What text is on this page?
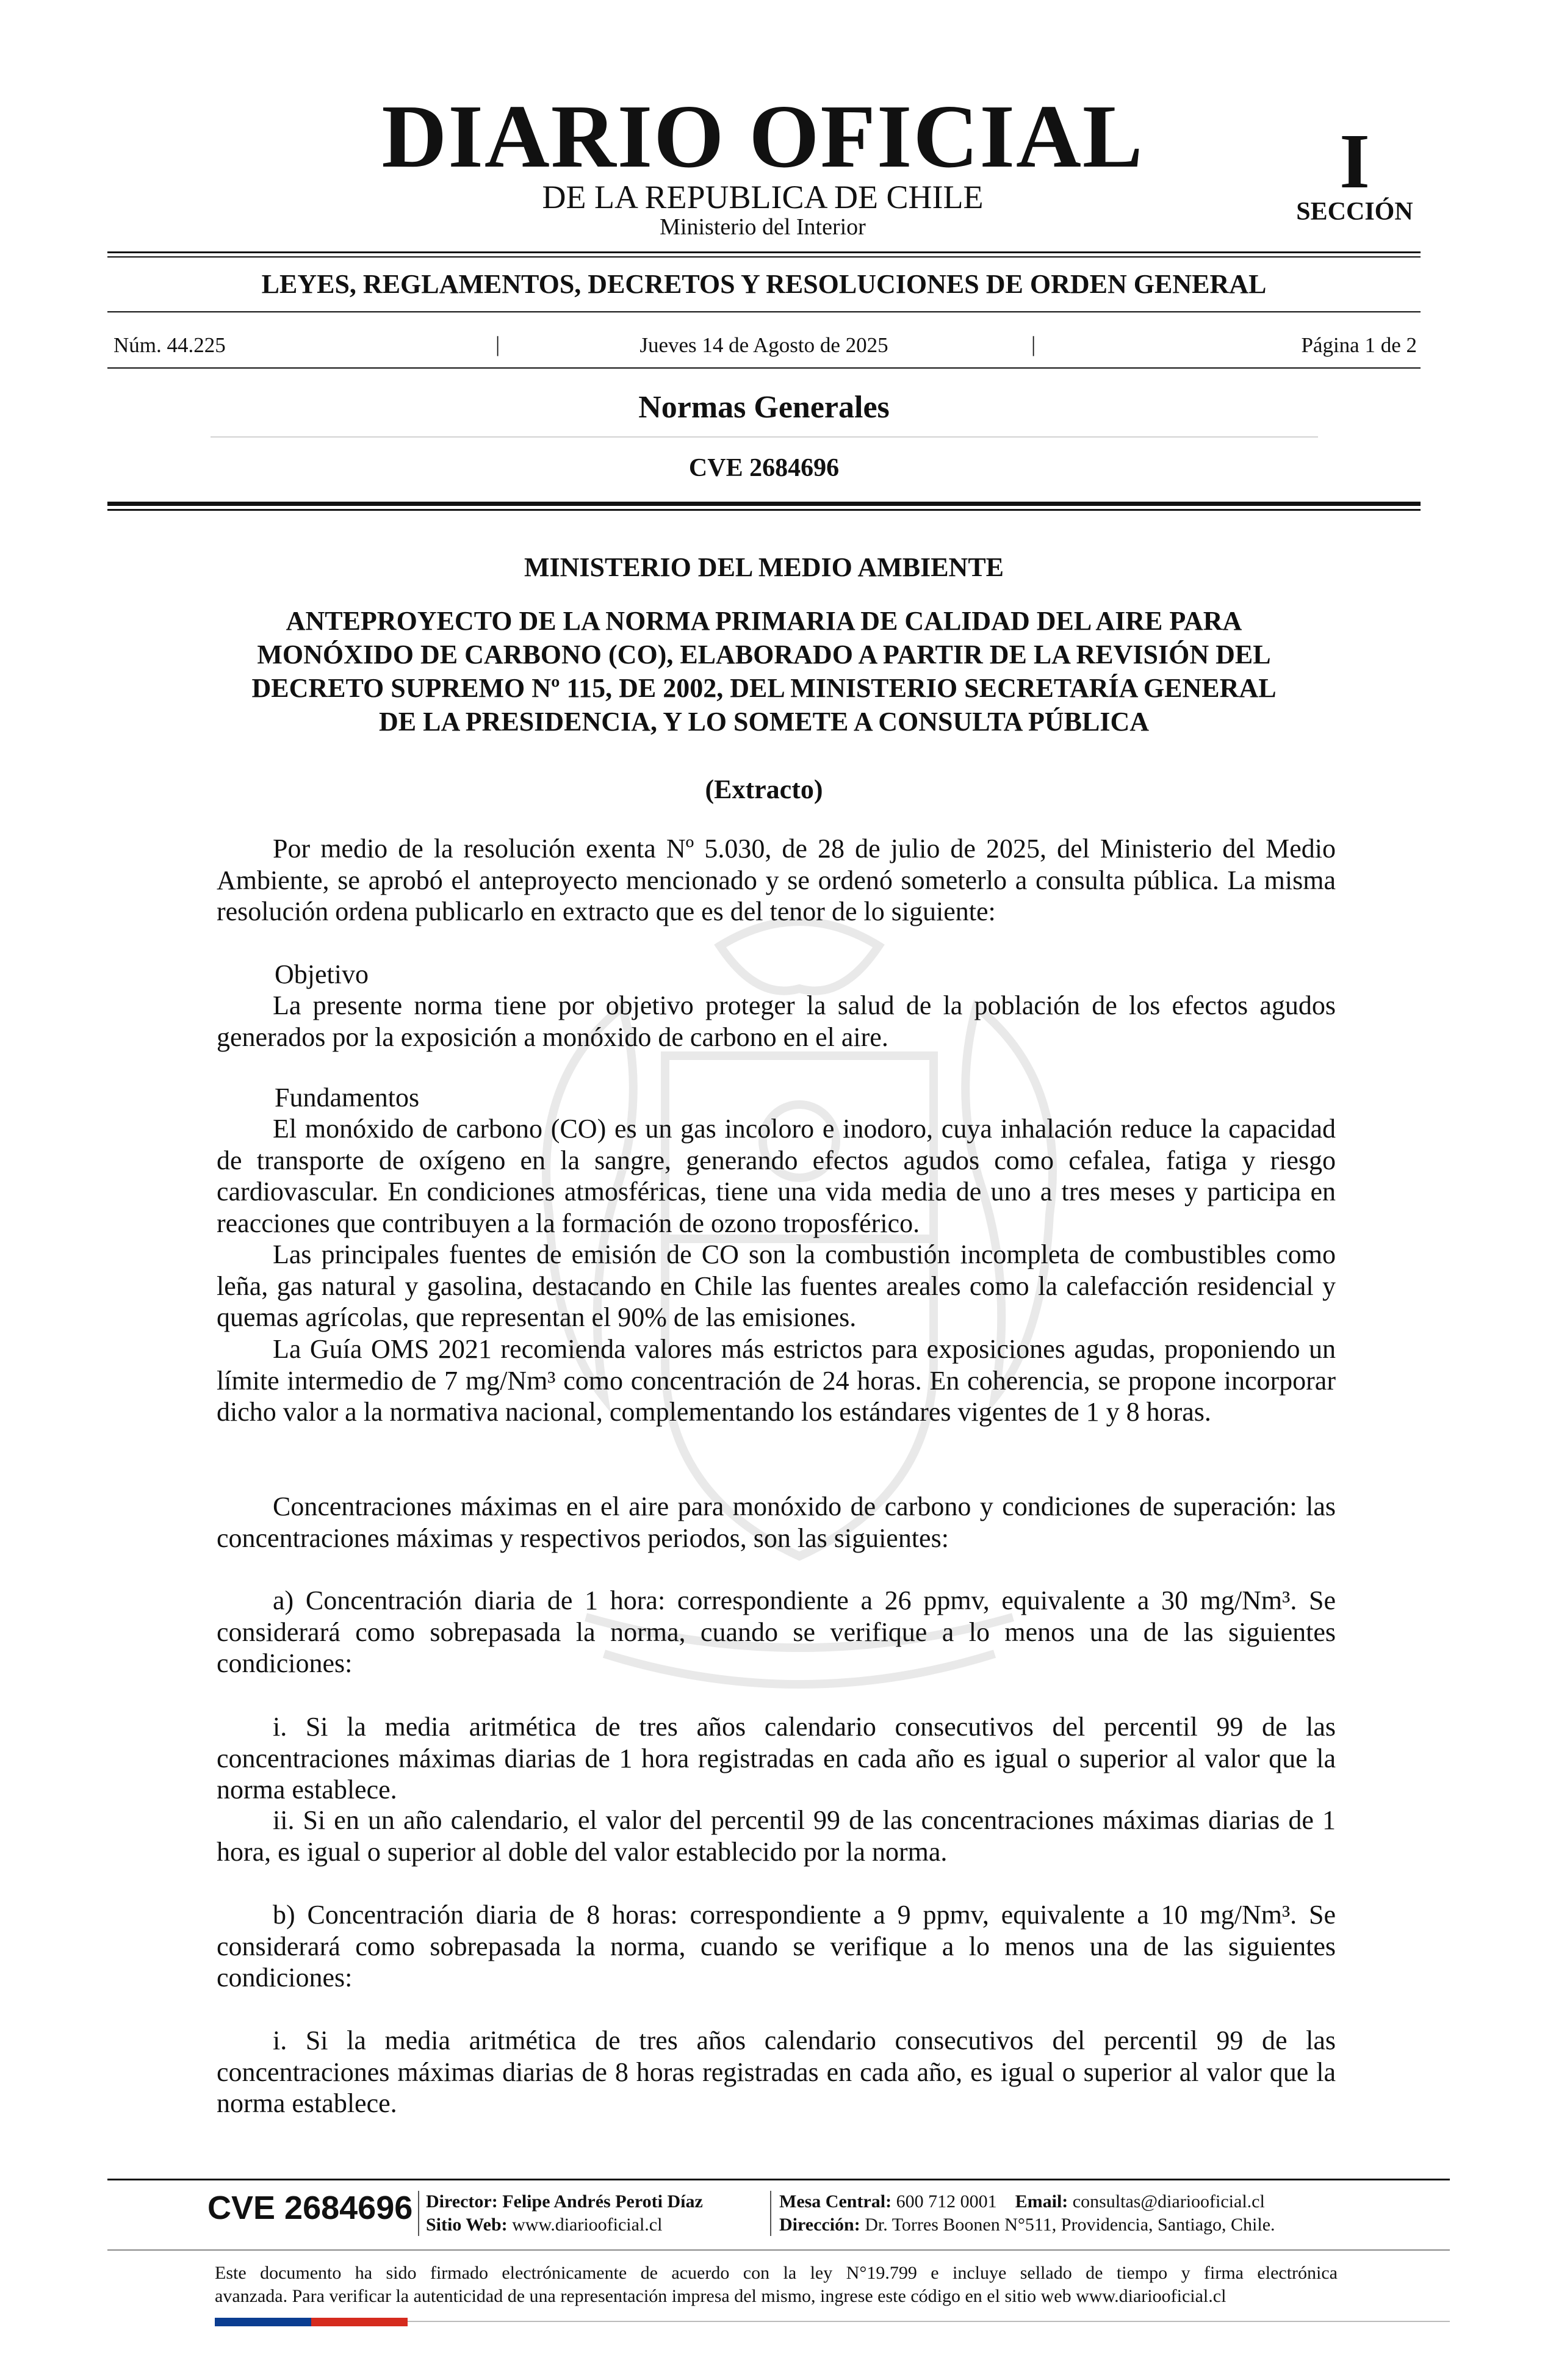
DIARIO OFICIAL
DE LA REPUBLICA DE CHILE
Ministerio del Interior
I
SECCIÓN
LEYES, REGLAMENTOS, DECRETOS Y RESOLUCIONES DE ORDEN GENERAL
Núm. 44.225	|	Jueves 14 de Agosto de 2025	|	Página 1 de 2
Normas Generales
CVE 2684696
MINISTERIO DEL MEDIO AMBIENTE
ANTEPROYECTO DE LA NORMA PRIMARIA DE CALIDAD DEL AIRE PARA
MONÓXIDO DE CARBONO (CO), ELABORADO A PARTIR DE LA REVISIÓN DEL
DECRETO SUPREMO Nº 115, DE 2002, DEL MINISTERIO SECRETARÍA GENERAL
DE LA PRESIDENCIA, Y LO SOMETE A CONSULTA PÚBLICA
(Extracto)
Por medio de la resolución exenta Nº 5.030, de 28 de julio de 2025, del Ministerio del Medio Ambiente, se aprobó el anteproyecto mencionado y se ordenó someterlo a consulta pública. La misma resolución ordena publicarlo en extracto que es del tenor de lo siguiente:
Objetivo
La presente norma tiene por objetivo proteger la salud de la población de los efectos agudos generados por la exposición a monóxido de carbono en el aire.
Fundamentos
El monóxido de carbono (CO) es un gas incoloro e inodoro, cuya inhalación reduce la capacidad de transporte de oxígeno en la sangre, generando efectos agudos como cefalea, fatiga y riesgo cardiovascular. En condiciones atmosféricas, tiene una vida media de uno a tres meses y participa en reacciones que contribuyen a la formación de ozono troposférico.
Las principales fuentes de emisión de CO son la combustión incompleta de combustibles como leña, gas natural y gasolina, destacando en Chile las fuentes areales como la calefacción residencial y quemas agrícolas, que representan el 90% de las emisiones.
La Guía OMS 2021 recomienda valores más estrictos para exposiciones agudas, proponiendo un límite intermedio de 7 mg/Nm³ como concentración de 24 horas. En coherencia, se propone incorporar dicho valor a la normativa nacional, complementando los estándares vigentes de 1 y 8 horas.
Concentraciones máximas en el aire para monóxido de carbono y condiciones de superación: las concentraciones máximas y respectivos periodos, son las siguientes:
a) Concentración diaria de 1 hora: correspondiente a 26 ppmv, equivalente a 30 mg/Nm³. Se considerará como sobrepasada la norma, cuando se verifique a lo menos una de las siguientes condiciones:
i. Si la media aritmética de tres años calendario consecutivos del percentil 99 de las concentraciones máximas diarias de 1 hora registradas en cada año es igual o superior al valor que la norma establece.
ii. Si en un año calendario, el valor del percentil 99 de las concentraciones máximas diarias de 1 hora, es igual o superior al doble del valor establecido por la norma.
b) Concentración diaria de 8 horas: correspondiente a 9 ppmv, equivalente a 10 mg/Nm³. Se considerará como sobrepasada la norma, cuando se verifique a lo menos una de las siguientes condiciones:
i. Si la media aritmética de tres años calendario consecutivos del percentil 99 de las concentraciones máximas diarias de 8 horas registradas en cada año, es igual o superior al valor que la norma establece.
CVE 2684696 Director: Felipe Andrés Peroti Díaz
Sitio Web: www.diariooficial.cl
Mesa Central: 600 712 0001 Email: consultas@diariooficial.cl
Dirección: Dr. Torres Boonen N°511, Providencia, Santiago, Chile.
Este documento ha sido firmado electrónicamente de acuerdo con la ley N°19.799 e incluye sellado de tiempo y firma electrónica
avanzada. Para verificar la autenticidad de una representación impresa del mismo, ingrese este código en el sitio web www.diariooficial.cl
